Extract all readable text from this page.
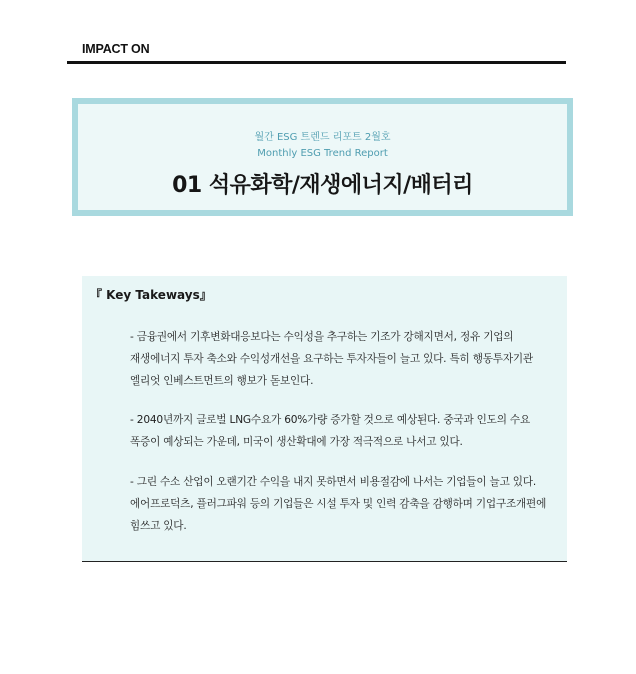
IMPACT ON
월간 ESG 트렌드 리포트 2월호
Monthly ESG Trend Report
01 석유화학/재생에너지/배터리
『 Key Takeways』
- 금융권에서 기후변화대응보다는 수익성을 추구하는 기조가 강해지면서, 정유 기업의
재생에너지 투자 축소와 수익성개선을 요구하는 투자자들이 늘고 있다. 특히 행동투자기관
엘리엇 인베스트먼트의 행보가 돋보인다.
- 2040년까지 글로벌 LNG수요가 60%가량 증가할 것으로 예상된다. 중국과 인도의 수요
폭증이 예상되는 가운데, 미국이 생산확대에 가장 적극적으로 나서고 있다.
- 그린 수소 산업이 오랜기간 수익을 내지 못하면서 비용절감에 나서는 기업들이 늘고 있다.
에어프로덕츠, 플러그파워 등의 기업들은 시설 투자 및 인력 감축을 감행하며 기업구조개편에
힘쓰고 있다.
